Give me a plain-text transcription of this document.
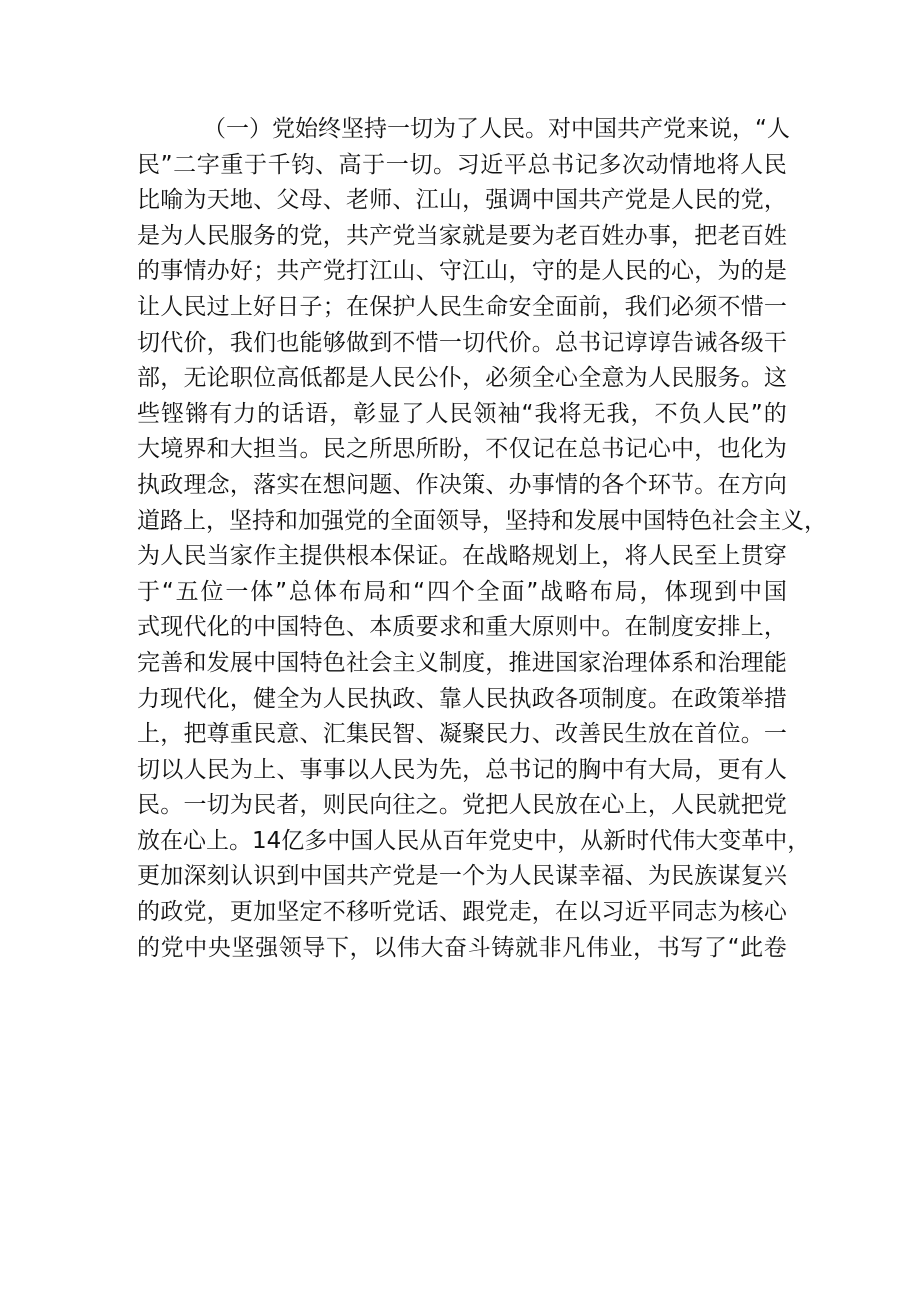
（ 一 ） 党 始 终 坚 持 一 切 为 了 人 民 。 对 中 国 共 产 党 来 说 ， “ 人
民 ” 二 字 重 于 千 钧 、 高 于 一 切 。 习 近 平 总 书 记 多 次 动 情 地 将 人 民
比 喻 为 天 地 、 父 母 、 老 师 、 江 山 ， 强 调 中 国 共 产 党 是 人 民 的 党 ，
是 为 人 民 服 务 的 党 ， 共 产 党 当 家 就 是 要 为 老 百 姓 办 事 ， 把 老 百 姓
的 事 情 办 好 ； 共 产 党 打 江 山 、 守 江 山 ， 守 的 是 人 民 的 心 ， 为 的 是
让 人 民 过 上 好 日 子 ； 在 保 护 人 民 生 命 安 全 面 前 ， 我 们 必 须 不 惜 一
切 代 价 ， 我 们 也 能 够 做 到 不 惜 一 切 代 价 。 总 书 记 谆 谆 告 诫 各 级 干
部 ， 无 论 职 位 高 低 都 是 人 民 公 仆 ， 必 须 全 心 全 意 为 人 民 服 务 。 这
些 铿 锵 有 力 的 话 语 ， 彰 显 了 人 民 领 袖 “ 我 将 无 我 ， 不 负 人 民 ” 的
大 境 界 和 大 担 当 。 民 之 所 思 所 盼 ， 不 仅 记 在 总 书 记 心 中 ， 也 化 为
执 政 理 念 ， 落 实 在 想 问 题 、 作 决 策 、 办 事 情 的 各 个 环 节 。 在 方 向
道 路 上 ， 坚 持 和 加 强 党 的 全 面 领 导 ， 坚 持 和 发 展 中 国 特 色 社 会 主 义 ，
为 人 民 当 家 作 主 提 供 根 本 保 证 。 在 战 略 规 划 上 ， 将 人 民 至 上 贯 穿
于 “ 五 位 一 体 ” 总 体 布 局 和 “ 四 个 全 面 ” 战 略 布 局 ， 体 现 到 中 国
式 现 代 化 的 中 国 特 色 、 本 质 要 求 和 重 大 原 则 中 。 在 制 度 安 排 上 ，
完 善 和 发 展 中 国 特 色 社 会 主 义 制 度 ， 推 进 国 家 治 理 体 系 和 治 理 能
力 现 代 化 ， 健 全 为 人 民 执 政 、 靠 人 民 执 政 各 项 制 度 。 在 政 策 举 措
上 ， 把 尊 重 民 意 、 汇 集 民 智 、 凝 聚 民 力 、 改 善 民 生 放 在 首 位 。 一
切 以 人 民 为 上 、 事 事 以 人 民 为 先 ， 总 书 记 的 胸 中 有 大 局 ， 更 有 人
民 。 一 切 为 民 者 ， 则 民 向 往 之 。 党 把 人 民 放 在 心 上 ， 人 民 就 把 党
放 在 心 上 。 1 4 亿 多 中 国 人 民 从 百 年 党 史 中 ， 从 新 时 代 伟 大 变 革 中 ，
更 加 深 刻 认 识 到 中 国 共 产 党 是 一 个 为 人 民 谋 幸 福 、 为 民 族 谋 复 兴
的 政 党 ， 更 加 坚 定 不 移 听 党 话 、 跟 党 走 ， 在 以 习 近 平 同 志 为 核 心
的 党 中 央 坚 强 领 导 下 ， 以 伟 大 奋 斗 铸 就 非 凡 伟 业 ， 书 写 了 “ 此 卷
